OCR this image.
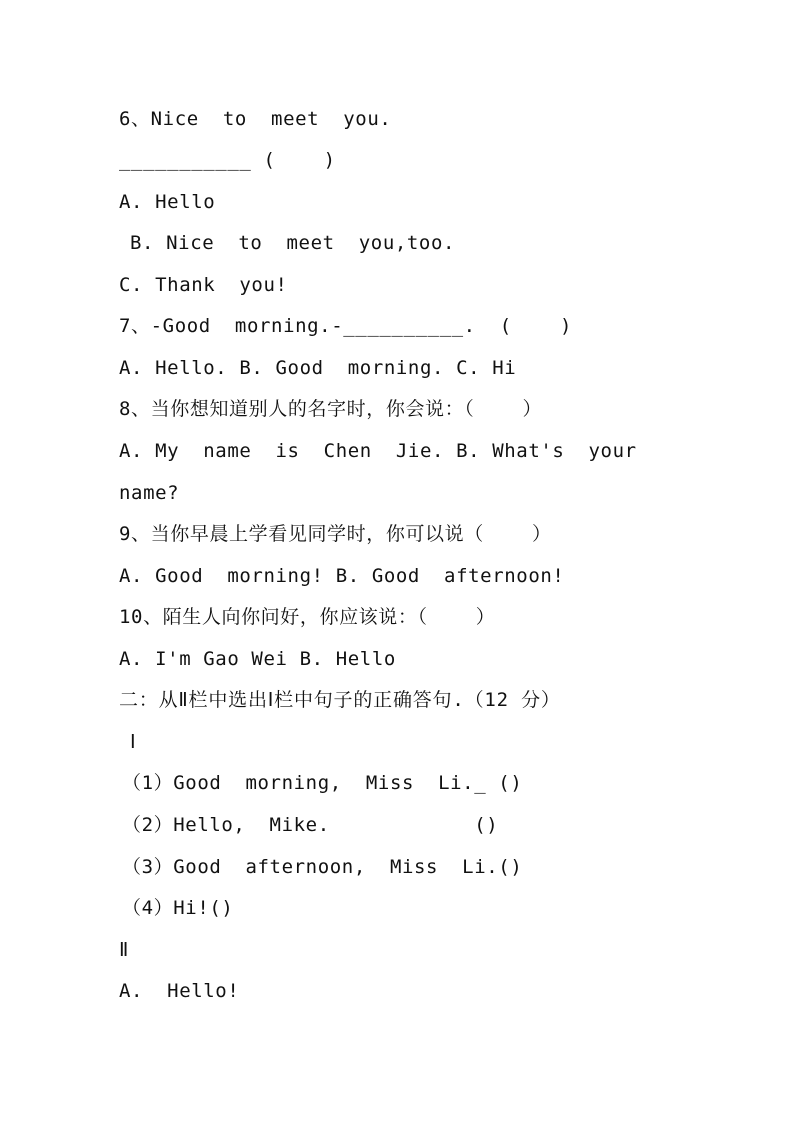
6、Nice  to  meet  you.
___________ (    )
A. Hello
B. Nice  to  meet  you,too.
C. Thank  you!
7、-Good  morning.-__________.  (    )
A. Hello. B. Good  morning. C. Hi
8、当你想知道别人的名字时，你会说：（    ）
A. My  name  is  Chen  Jie. B. What's  your
name?
9、当你早晨上学看见同学时，你可以说（    ）
A. Good  morning! B. Good  afternoon!
10、陌生人向你问好，你应该说：（    ）
A. I'm Gao Wei B. Hello
二：从Ⅱ栏中选出Ⅰ栏中句子的正确答句.（12 分）
Ⅰ
（1）Good  morning,  Miss  Li._ ()
（2）Hello,  Mike.            ()
（3）Good  afternoon,  Miss  Li.()
（4）Hi!()
Ⅱ
A.  Hello!
